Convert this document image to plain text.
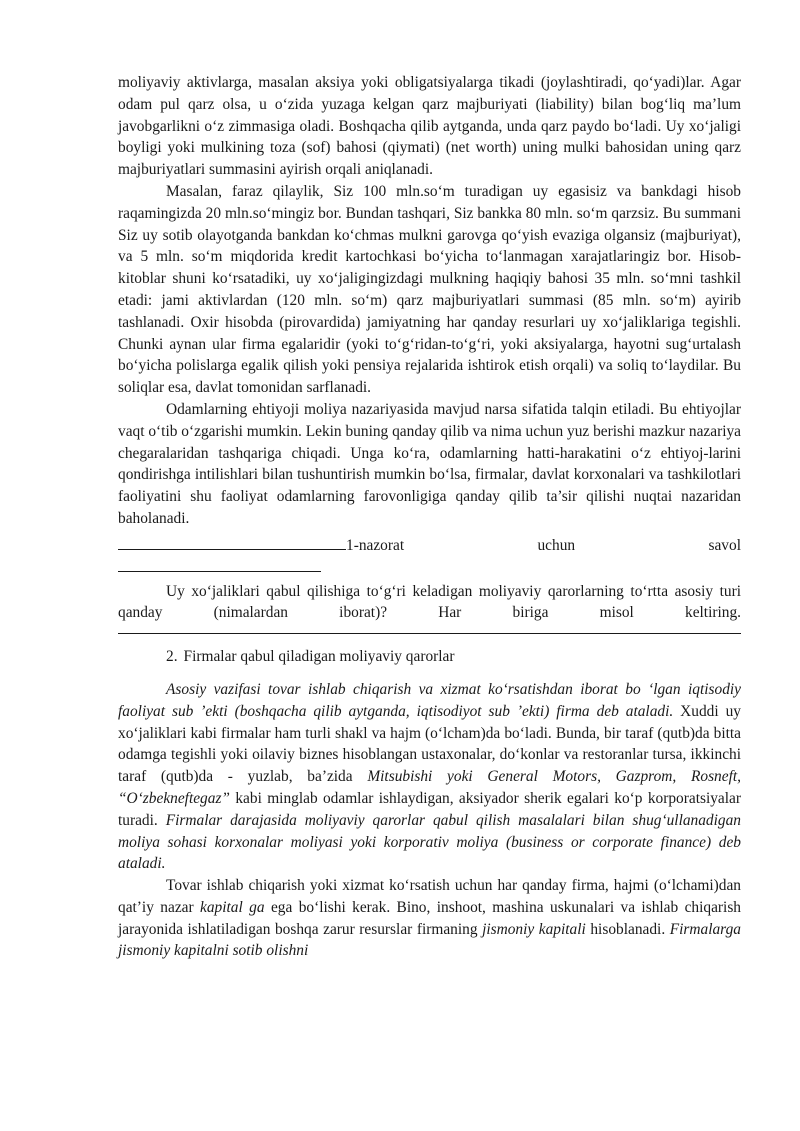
moliyaviy aktivlarga, masalan aksiya yoki obligatsiyalarga tikadi (joylashtiradi, qo‘yadi)lar. Agar odam pul qarz olsa, u o‘zida yuzaga kelgan qarz majburiyati (liability) bilan bog‘liq ma’lum javobgarlikni o‘z zimmasiga oladi. Boshqacha qilib aytganda, unda qarz paydo bo‘ladi. Uy xo‘jaligi boyligi yoki mulkining toza (sof) bahosi (qiymati) (net worth) uning mulki bahosidan uning qarz majburiyatlari summasini ayirish orqali aniqlanadi.

Masalan, faraz qilaylik, Siz 100 mln.so‘m turadigan uy egasisiz va bankdagi hisob raqamingizda 20 mln.so‘mingiz bor. Bundan tashqari, Siz bankka 80 mln. so‘m qarzsiz. Bu summani Siz uy sotib olayotganda bankdan ko‘chmas mulkni garovga qo‘yish evaziga olgansiz (majburiyat), va 5 mln. so‘m miqdorida kredit kartochkasi bo‘yicha to‘lanmagan xarajatlaringiz bor. Hisob-kitoblar shuni ko‘rsatadiki, uy xo‘jaligingizdagi mulkning haqiqiy bahosi 35 mln. so‘mni tashkil etadi: jami aktivlardan (120 mln. so‘m) qarz majburiyatlari summasi (85 mln. so‘m) ayirib tashlanadi. Oxir hisobda (pirovardida) jamiyatning har qanday resurlari uy xo‘jaliklariga tegishli. Chunki aynan ular firma egalaridir (yoki to‘g‘ridan-to‘g‘ri, yoki aksiyalarga, hayotni sug‘urtalash bo‘yicha polislarga egalik qilish yoki pensiya rejalarida ishtirok etish orqali) va soliq to‘laydilar. Bu soliqlar esa, davlat tomonidan sarflanadi.

Odamlarning ehtiyoji moliya nazariyasida mavjud narsa sifatida talqin etiladi. Bu ehtiyojlar vaqt o‘tib o‘zgarishi mumkin. Lekin buning qanday qilib va nima uchun yuz berishi mazkur nazariya chegaralaridan tashqariga chiqadi. Unga ko‘ra, odamlarning hatti-harakatini o‘z ehtiyoj-larini qondirishga intilishlari bilan tushuntirish mumkin bo‘lsa, firmalar, davlat korxonalari va tashkilotlari faoliyatini shu faoliyat odamlarning farovonligiga qanday qilib ta’sir qilishi nuqtai nazaridan baholanadi.

1-nazorat	uchun	savol

Uy xo‘jaliklari qabul qilishiga to‘g‘ri keladigan moliyaviy qarorlarning to‘rtta asosiy turi qanday (nimalardan iborat)? Har biriga misol keltiring.

2. Firmalar qabul qiladigan moliyaviy qarorlar

Asosiy vazifasi tovar ishlab chiqarish va xizmat ko‘rsatishdan iborat bo ‘lgan iqtisodiy faoliyat sub ’ekti (boshqacha qilib aytganda, iqtisodiyot sub ’ekti) firma deb ataladi. Xuddi uy xo‘jaliklari kabi firmalar ham turli shakl va hajm (o‘lcham)da bo‘ladi. Bunda, bir taraf (qutb)da bitta odamga tegishli yoki oilaviy biznes hisoblangan ustaxonalar, do‘konlar va restoranlar tursa, ikkinchi taraf (qutb)da - yuzlab, ba’zida Mitsubishi yoki General Motors, Gazprom, Rosneft, “O‘zbekneftegaz” kabi minglab odamlar ishlaydigan, aksiyador sherik egalari ko‘p korporatsiyalar turadi. Firmalar darajasida moliyaviy qarorlar qabul qilish masalalari bilan shug‘ullanadigan moliya sohasi korxonalar moliyasi yoki korporativ moliya (business or corporate finance) deb ataladi.

Tovar ishlab chiqarish yoki xizmat ko‘rsatish uchun har qanday firma, hajmi (o‘lchami)dan qat’iy nazar kapital ga ega bo‘lishi kerak. Bino, inshoot, mashina uskunalari va ishlab chiqarish jarayonida ishlatiladigan boshqa zarur resurslar firmaning jismoniy kapitali hisoblanadi. Firmalarga jismoniy kapitalni sotib olishni
